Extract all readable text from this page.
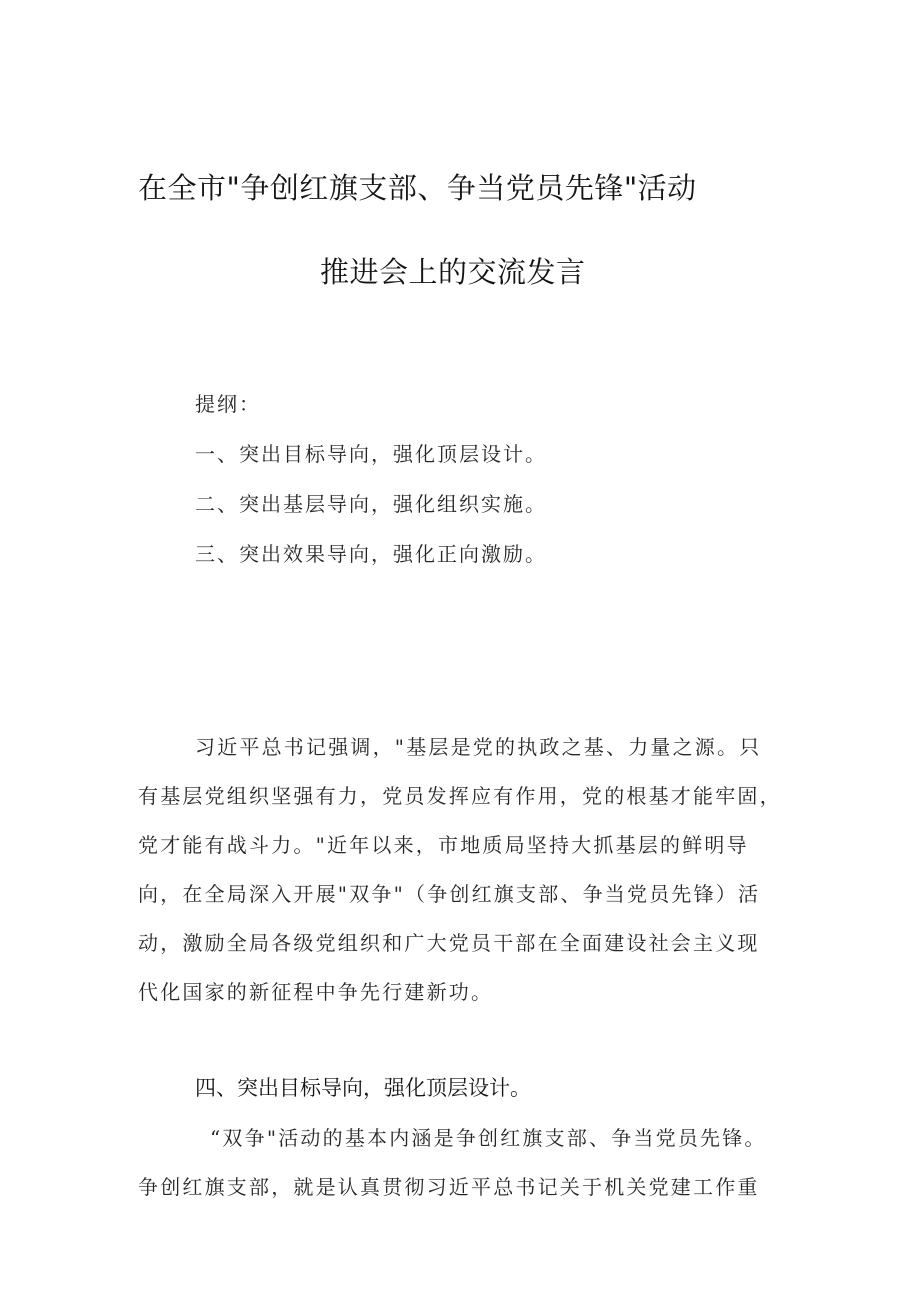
在全市"争创红旗支部、争当党员先锋"活动
推进会上的交流发言
提纲：
一、突出目标导向，强化顶层设计。
二、突出基层导向，强化组织实施。
三、突出效果导向，强化正向激励。
习近平总书记强调，"基层是党的执政之基、力量之源。只
有基层党组织坚强有力，党员发挥应有作用，党的根基才能牢固，
党才能有战斗力。"近年以来，市地质局坚持大抓基层的鲜明导
向，在全局深入开展"双争"（争创红旗支部、争当党员先锋）活
动，激励全局各级党组织和广大党员干部在全面建设社会主义现
代化国家的新征程中争先行建新功。
四、突出目标导向，强化顶层设计。
“双争"活动的基本内涵是争创红旗支部、争当党员先锋。
争创红旗支部，就是认真贯彻习近平总书记关于机关党建工作重
